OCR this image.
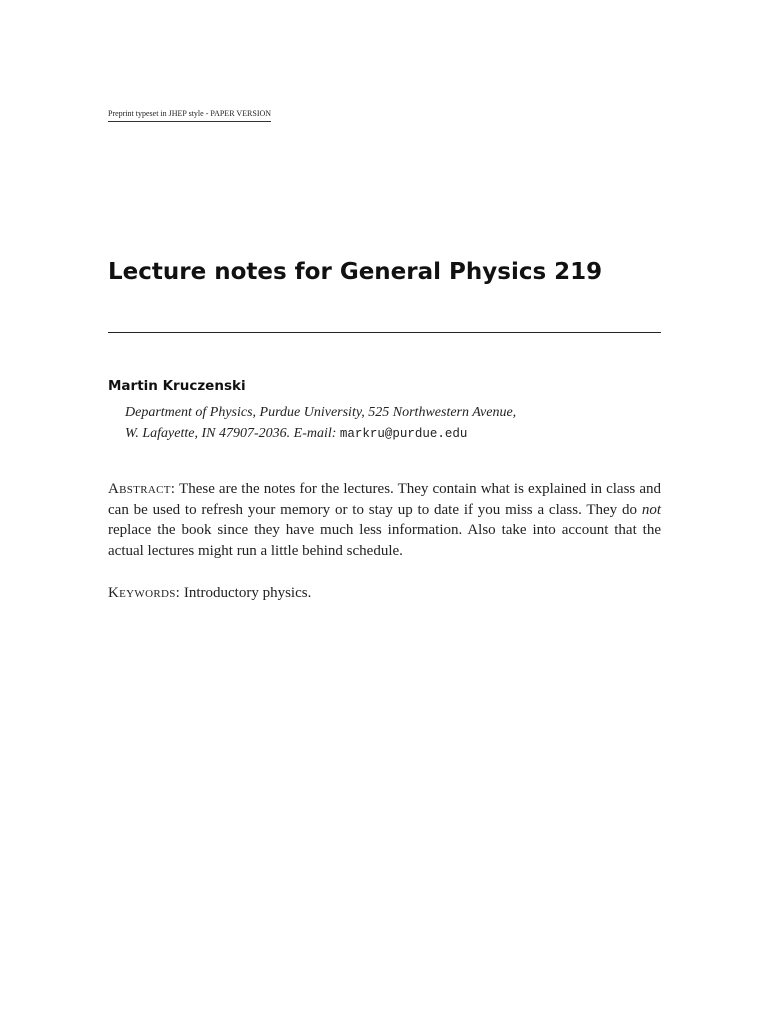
Preprint typeset in JHEP style - PAPER VERSION
Lecture notes for General Physics 219
Martin Kruczenski
Department of Physics, Purdue University, 525 Northwestern Avenue,
W. Lafayette, IN 47907-2036. E-mail: markru@purdue.edu

Abstract: These are the notes for the lectures. They contain what is explained in class and can be used to refresh your memory or to stay up to date if you miss a class. They do not replace the book since they have much less information. Also take into account that the actual lectures might run a little behind schedule.

Keywords: Introductory physics.
